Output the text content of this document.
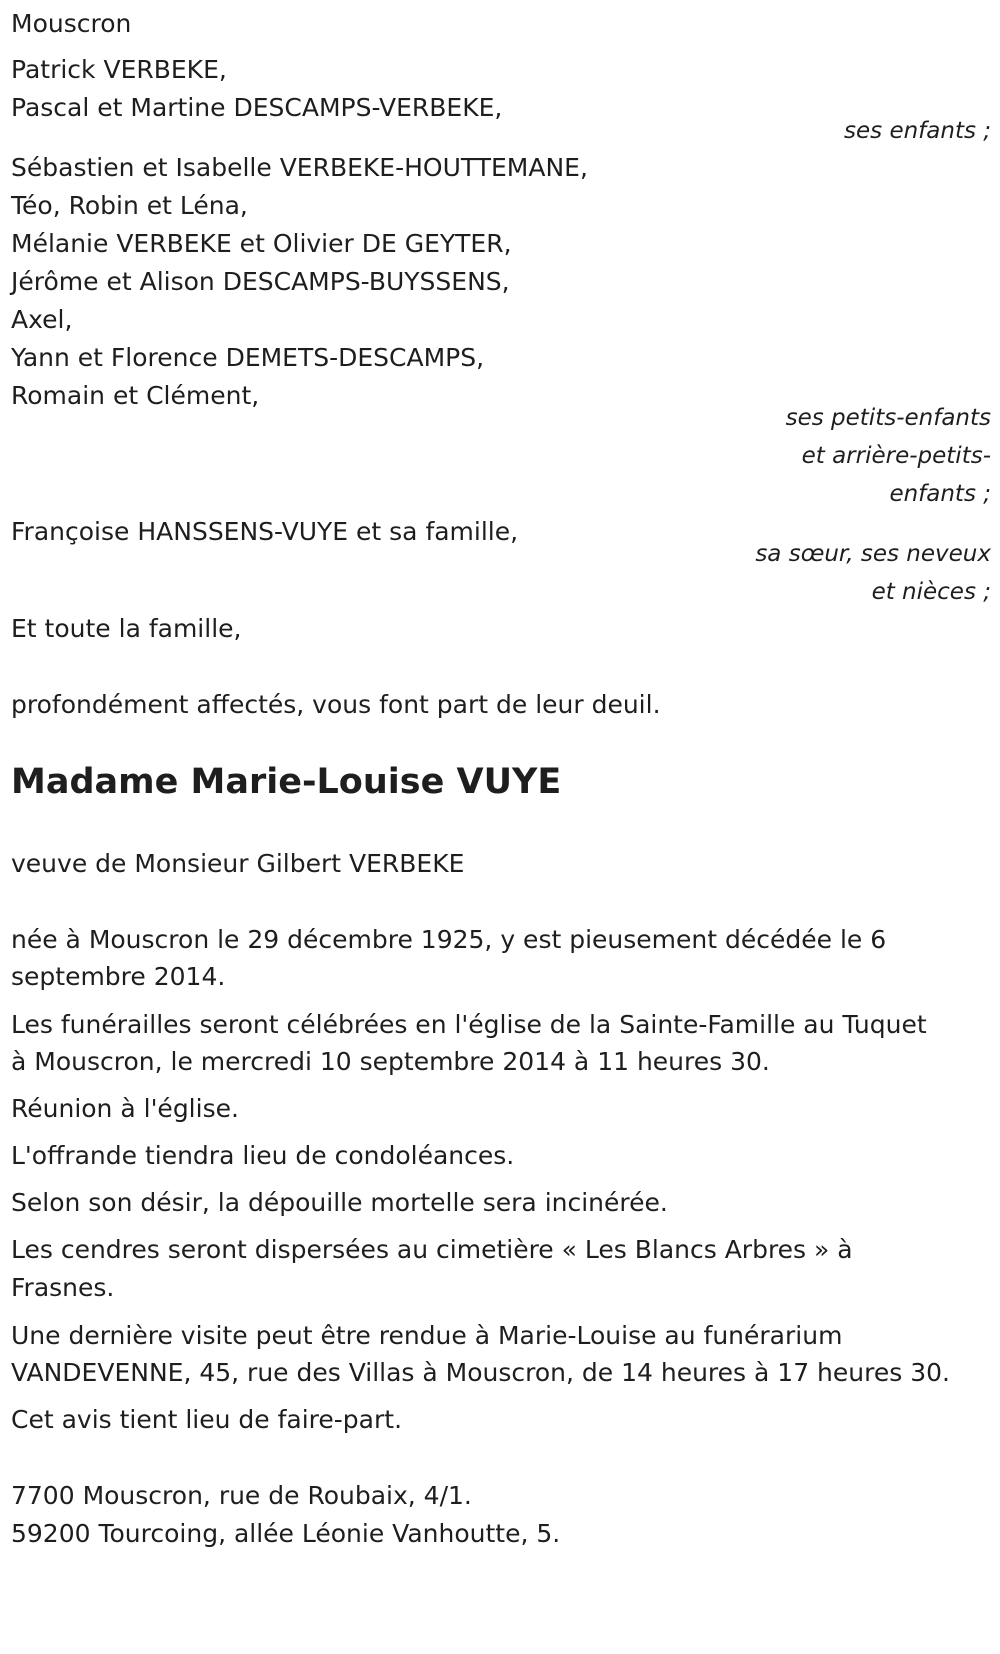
Mouscron
Patrick VERBEKE,
Pascal et Martine DESCAMPS-VERBEKE,
ses enfants ;
Sébastien et Isabelle VERBEKE-HOUTTEMANE,
Téo, Robin et Léna,
Mélanie VERBEKE et Olivier DE GEYTER,
Jérôme et Alison DESCAMPS-BUYSSENS,
Axel,
Yann et Florence DEMETS-DESCAMPS,
Romain et Clément,
ses petits-enfants
et arrière-petits-
enfants ;
Françoise HANSSENS-VUYE et sa famille,
sa sœur, ses neveux
et nièces ;
Et toute la famille,
profondément affectés, vous font part de leur deuil.
Madame Marie-Louise VUYE
veuve de Monsieur Gilbert VERBEKE
née à Mouscron le 29 décembre 1925, y est pieusement décédée le 6
septembre 2014.
Les funérailles seront célébrées en l'église de la Sainte-Famille au Tuquet
à Mouscron, le mercredi 10 septembre 2014 à 11 heures 30.
Réunion à l'église.
L'offrande tiendra lieu de condoléances.
Selon son désir, la dépouille mortelle sera incinérée.
Les cendres seront dispersées au cimetière « Les Blancs Arbres » à
Frasnes.
Une dernière visite peut être rendue à Marie-Louise au funérarium
VANDEVENNE, 45, rue des Villas à Mouscron, de 14 heures à 17 heures 30.
Cet avis tient lieu de faire-part.
7700 Mouscron, rue de Roubaix, 4/1.
59200 Tourcoing, allée Léonie Vanhoutte, 5.
